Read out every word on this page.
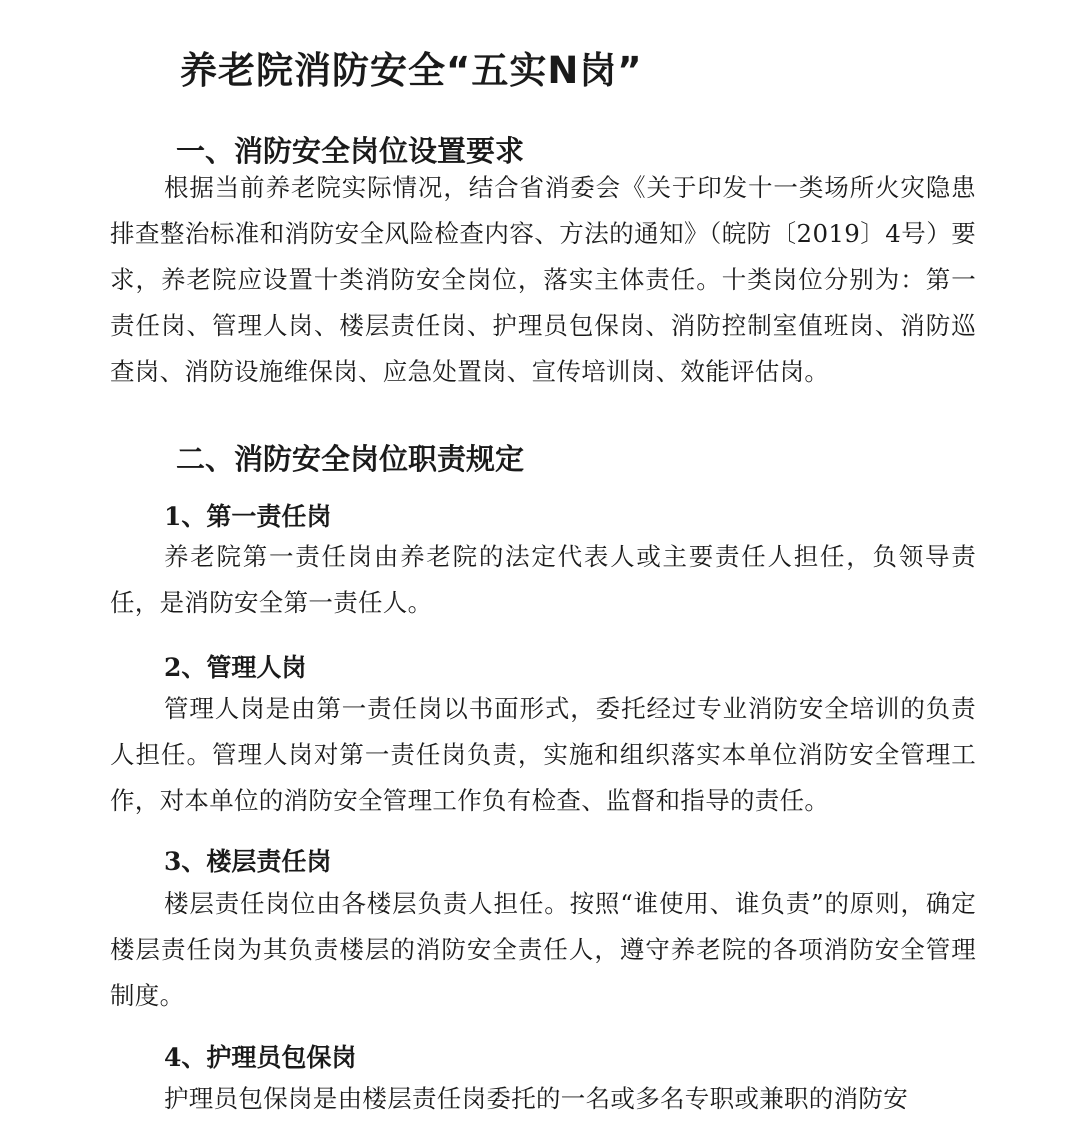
养老院消防安全“五实N岗”
一、消防安全岗位设置要求

根据当前养老院实际情况，结合省消委会《关于印发十一类场所火灾隐患排查整治标准和消防安全风险检查内容、方法的通知》（皖防〔2019〕4号）要求，养老院应设置十类消防安全岗位，落实主体责任。十类岗位分别为：第一责任岗、管理人岗、楼层责任岗、护理员包保岗、消防控制室值班岗、消防巡查岗、消防设施维保岗、应急处置岗、宣传培训岗、效能评估岗。

二、消防安全岗位职责规定
1、第一责任岗

养老院第一责任岗由养老院的法定代表人或主要责任人担任，负领导责任，是消防安全第一责任人。

2、管理人岗

管理人岗是由第一责任岗以书面形式，委托经过专业消防安全培训的负责人担任。管理人岗对第一责任岗负责，实施和组织落实本单位消防安全管理工作，对本单位的消防安全管理工作负有检查、监督和指导的责任。

3、楼层责任岗

楼层责任岗位由各楼层负责人担任。按照“谁使用、谁负责”的原则，确定楼层责任岗为其负责楼层的消防安全责任人，遵守养老院的各项消防安全管理制度。

4、护理员包保岗

护理员包保岗是由楼层责任岗委托的一名或多名专职或兼职的消防安
